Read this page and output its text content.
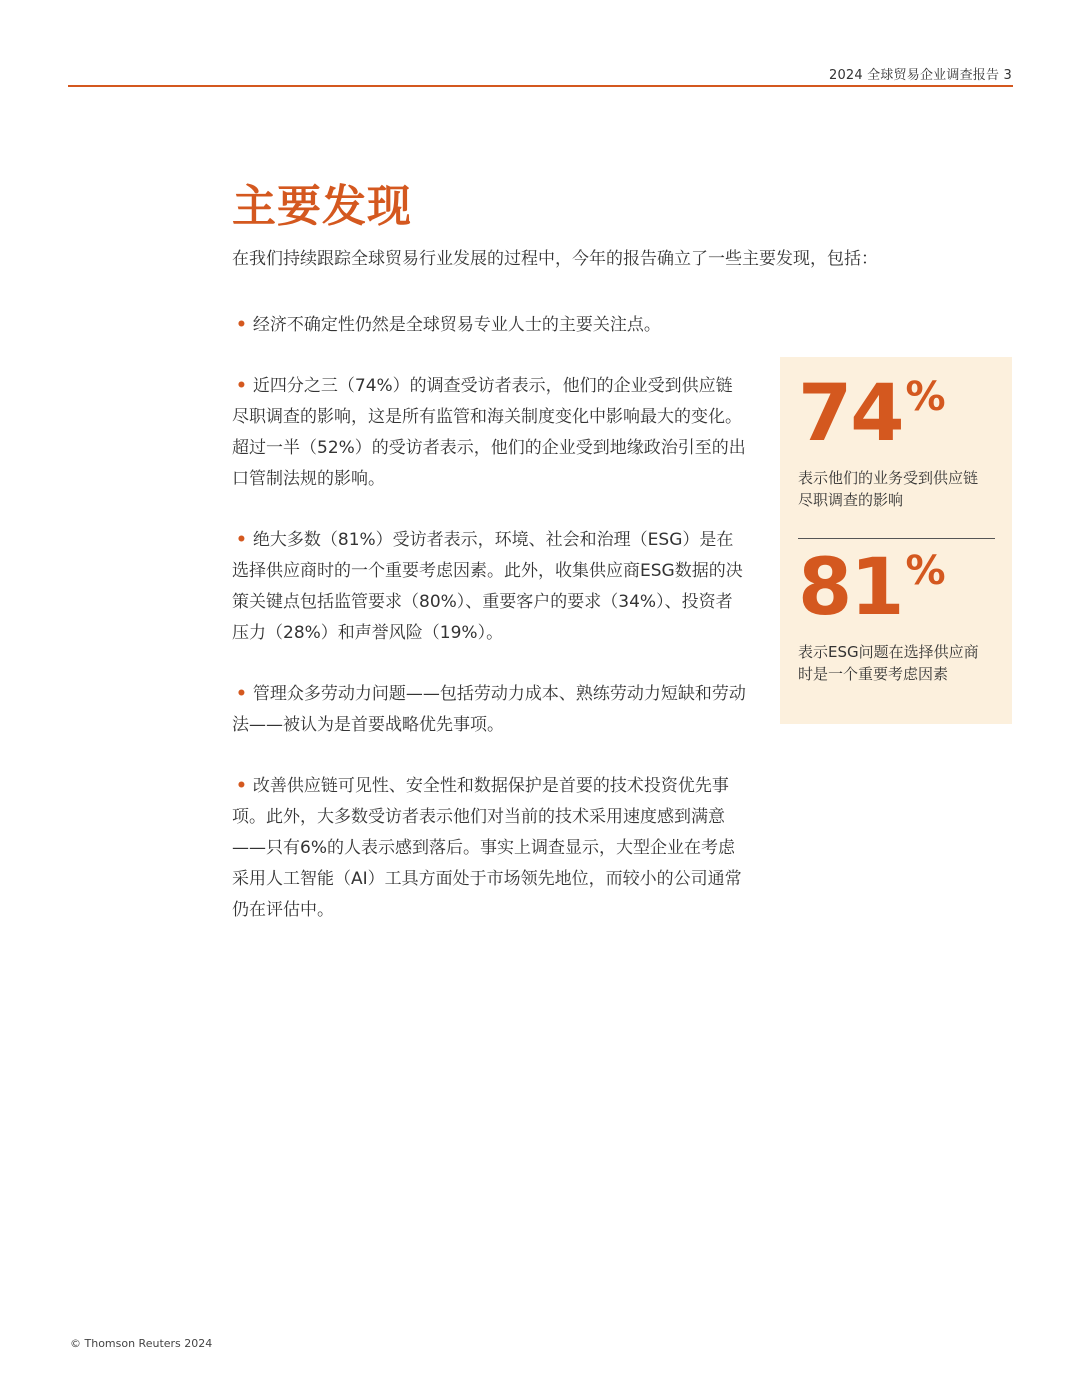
2024 全球贸易企业调查报告 3
主要发现

在我们持续跟踪全球贸易行业发展的过程中，今年的报告确立了一些主要发现，包括：

• 经济不确定性仍然是全球贸易专业人士的主要关注点。
• 近四分之三（74%）的调查受访者表示，他们的企业受到供应链尽职调查的影响，这是所有监管和海关制度变化中影响最大的变化。超过一半（52%）的受访者表示，他们的企业受到地缘政治引至的出口管制法规的影响。
• 绝大多数（81%）受访者表示，环境、社会和治理（ESG）是在选择供应商时的一个重要考虑因素。此外，收集供应商ESG数据的决策关键点包括监管要求（80%）、重要客户的要求（34%）、投资者压力（28%）和声誉风险（19%）。
• 管理众多劳动力问题——包括劳动力成本、熟练劳动力短缺和劳动法——被认为是首要战略优先事项。
• 改善供应链可见性、安全性和数据保护是首要的技术投资优先事项。此外，大多数受访者表示他们对当前的技术采用速度感到满意——只有6%的人表示感到落后。事实上调查显示，大型企业在考虑采用人工智能（AI）工具方面处于市场领先地位，而较小的公司通常仍在评估中。
74 %
表示他们的业务受到供应链尽职调查的影响
81 %
表示ESG问题在选择供应商时是一个重要考虑因素
© Thomson Reuters 2024
